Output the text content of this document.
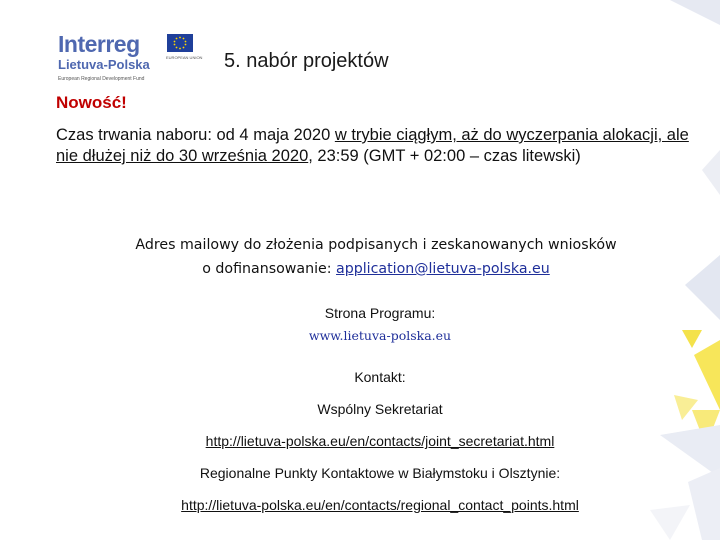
Interreg
EUROPEAN UNION
Lietuva-Polska
European Regional Development Fund
5. nabór projektów
Nowość!
Czas trwania naboru: od 4 maja 2020 w trybie ciągłym, aż do wyczerpania alokacji, ale nie dłużej niż do 30 września 2020, 23:59 (GMT + 02:00 – czas litewski)
Adres mailowy do złożenia podpisanych i zeskanowanych wniosków
o dofinansowanie: application@lietuva-polska.eu
Strona Programu:
www.lietuva-polska.eu
Kontakt:
Wspólny Sekretariat
http://lietuva-polska.eu/en/contacts/joint_secretariat.html
Regionalne Punkty Kontaktowe w Białymstoku i Olsztynie:
http://lietuva-polska.eu/en/contacts/regional_contact_points.html
